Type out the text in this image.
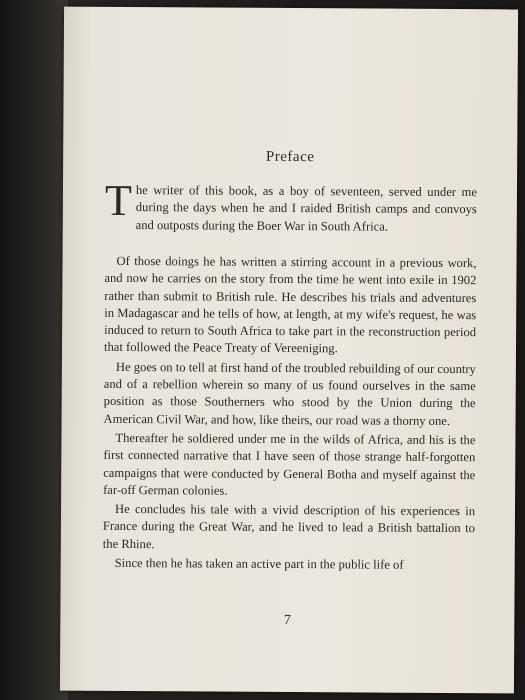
Preface

The writer of this book, as a boy of seventeen, served under me during the days when he and I raided British camps and convoys and outposts during the Boer War in South Africa.

Of those doings he has written a stirring account in a previous work, and now he carries on the story from the time he went into exile in 1902 rather than submit to British rule. He describes his trials and adventures in Madagascar and he tells of how, at length, at my wife's request, he was induced to return to South Africa to take part in the reconstruction period that followed the Peace Treaty of Vereeniging.

He goes on to tell at first hand of the troubled rebuilding of our country and of a rebellion wherein so many of us found ourselves in the same position as those Southerners who stood by the Union during the American Civil War, and how, like theirs, our road was a thorny one.

Thereafter he soldiered under me in the wilds of Africa, and his is the first connected narrative that I have seen of those strange half-forgotten campaigns that were conducted by General Botha and myself against the far-off German colonies.

He concludes his tale with a vivid description of his experiences in France during the Great War, and he lived to lead a British battalion to the Rhine.

Since then he has taken an active part in the public life of

7
